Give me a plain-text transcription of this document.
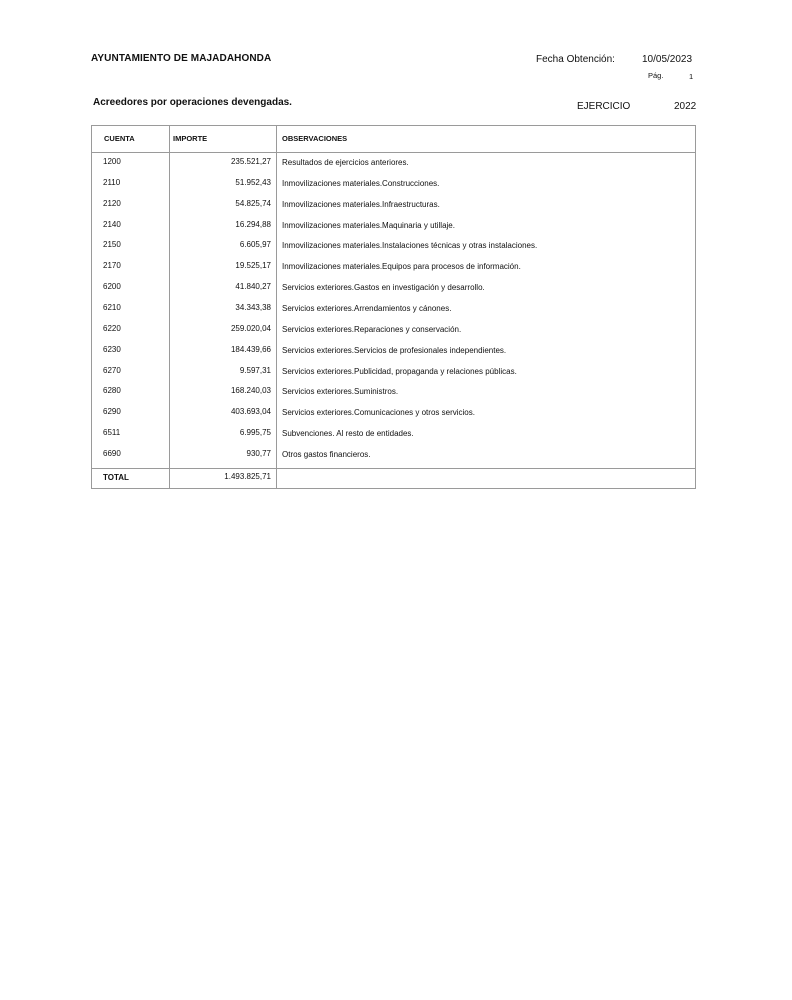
AYUNTAMIENTO DE MAJADAHONDA	Fecha Obtención:	10/05/2023
Pág.	1
Acreedores por operaciones devengadas.	EJERCICIO	2022
CUENTA	IMPORTE	OBSERVACIONES
1200	235.521,27 Resultados de ejercicios anteriores.
2110	51.952,43 Inmovilizaciones materiales.Construcciones.
2120	54.825,74 Inmovilizaciones materiales.Infraestructuras.
2140	16.294,88 Inmovilizaciones materiales.Maquinaria y utillaje.
2150	6.605,97 Inmovilizaciones materiales.Instalaciones técnicas y otras instalaciones.
2170	19.525,17 Inmovilizaciones materiales.Equipos para procesos de información.
6200	41.840,27 Servicios exteriores.Gastos en investigación y desarrollo.
6210	34.343,38 Servicios exteriores.Arrendamientos y cánones.
6220	259.020,04 Servicios exteriores.Reparaciones y conservación.
6230	184.439,66 Servicios exteriores.Servicios de profesionales independientes.
6270	9.597,31 Servicios exteriores.Publicidad, propaganda y relaciones públicas.
6280	168.240,03 Servicios exteriores.Suministros.
6290	403.693,04 Servicios exteriores.Comunicaciones y otros servicios.
6511	6.995,75 Subvenciones. Al resto de entidades.
6690	930,77 Otros gastos financieros.
TOTAL	1.493.825,71
